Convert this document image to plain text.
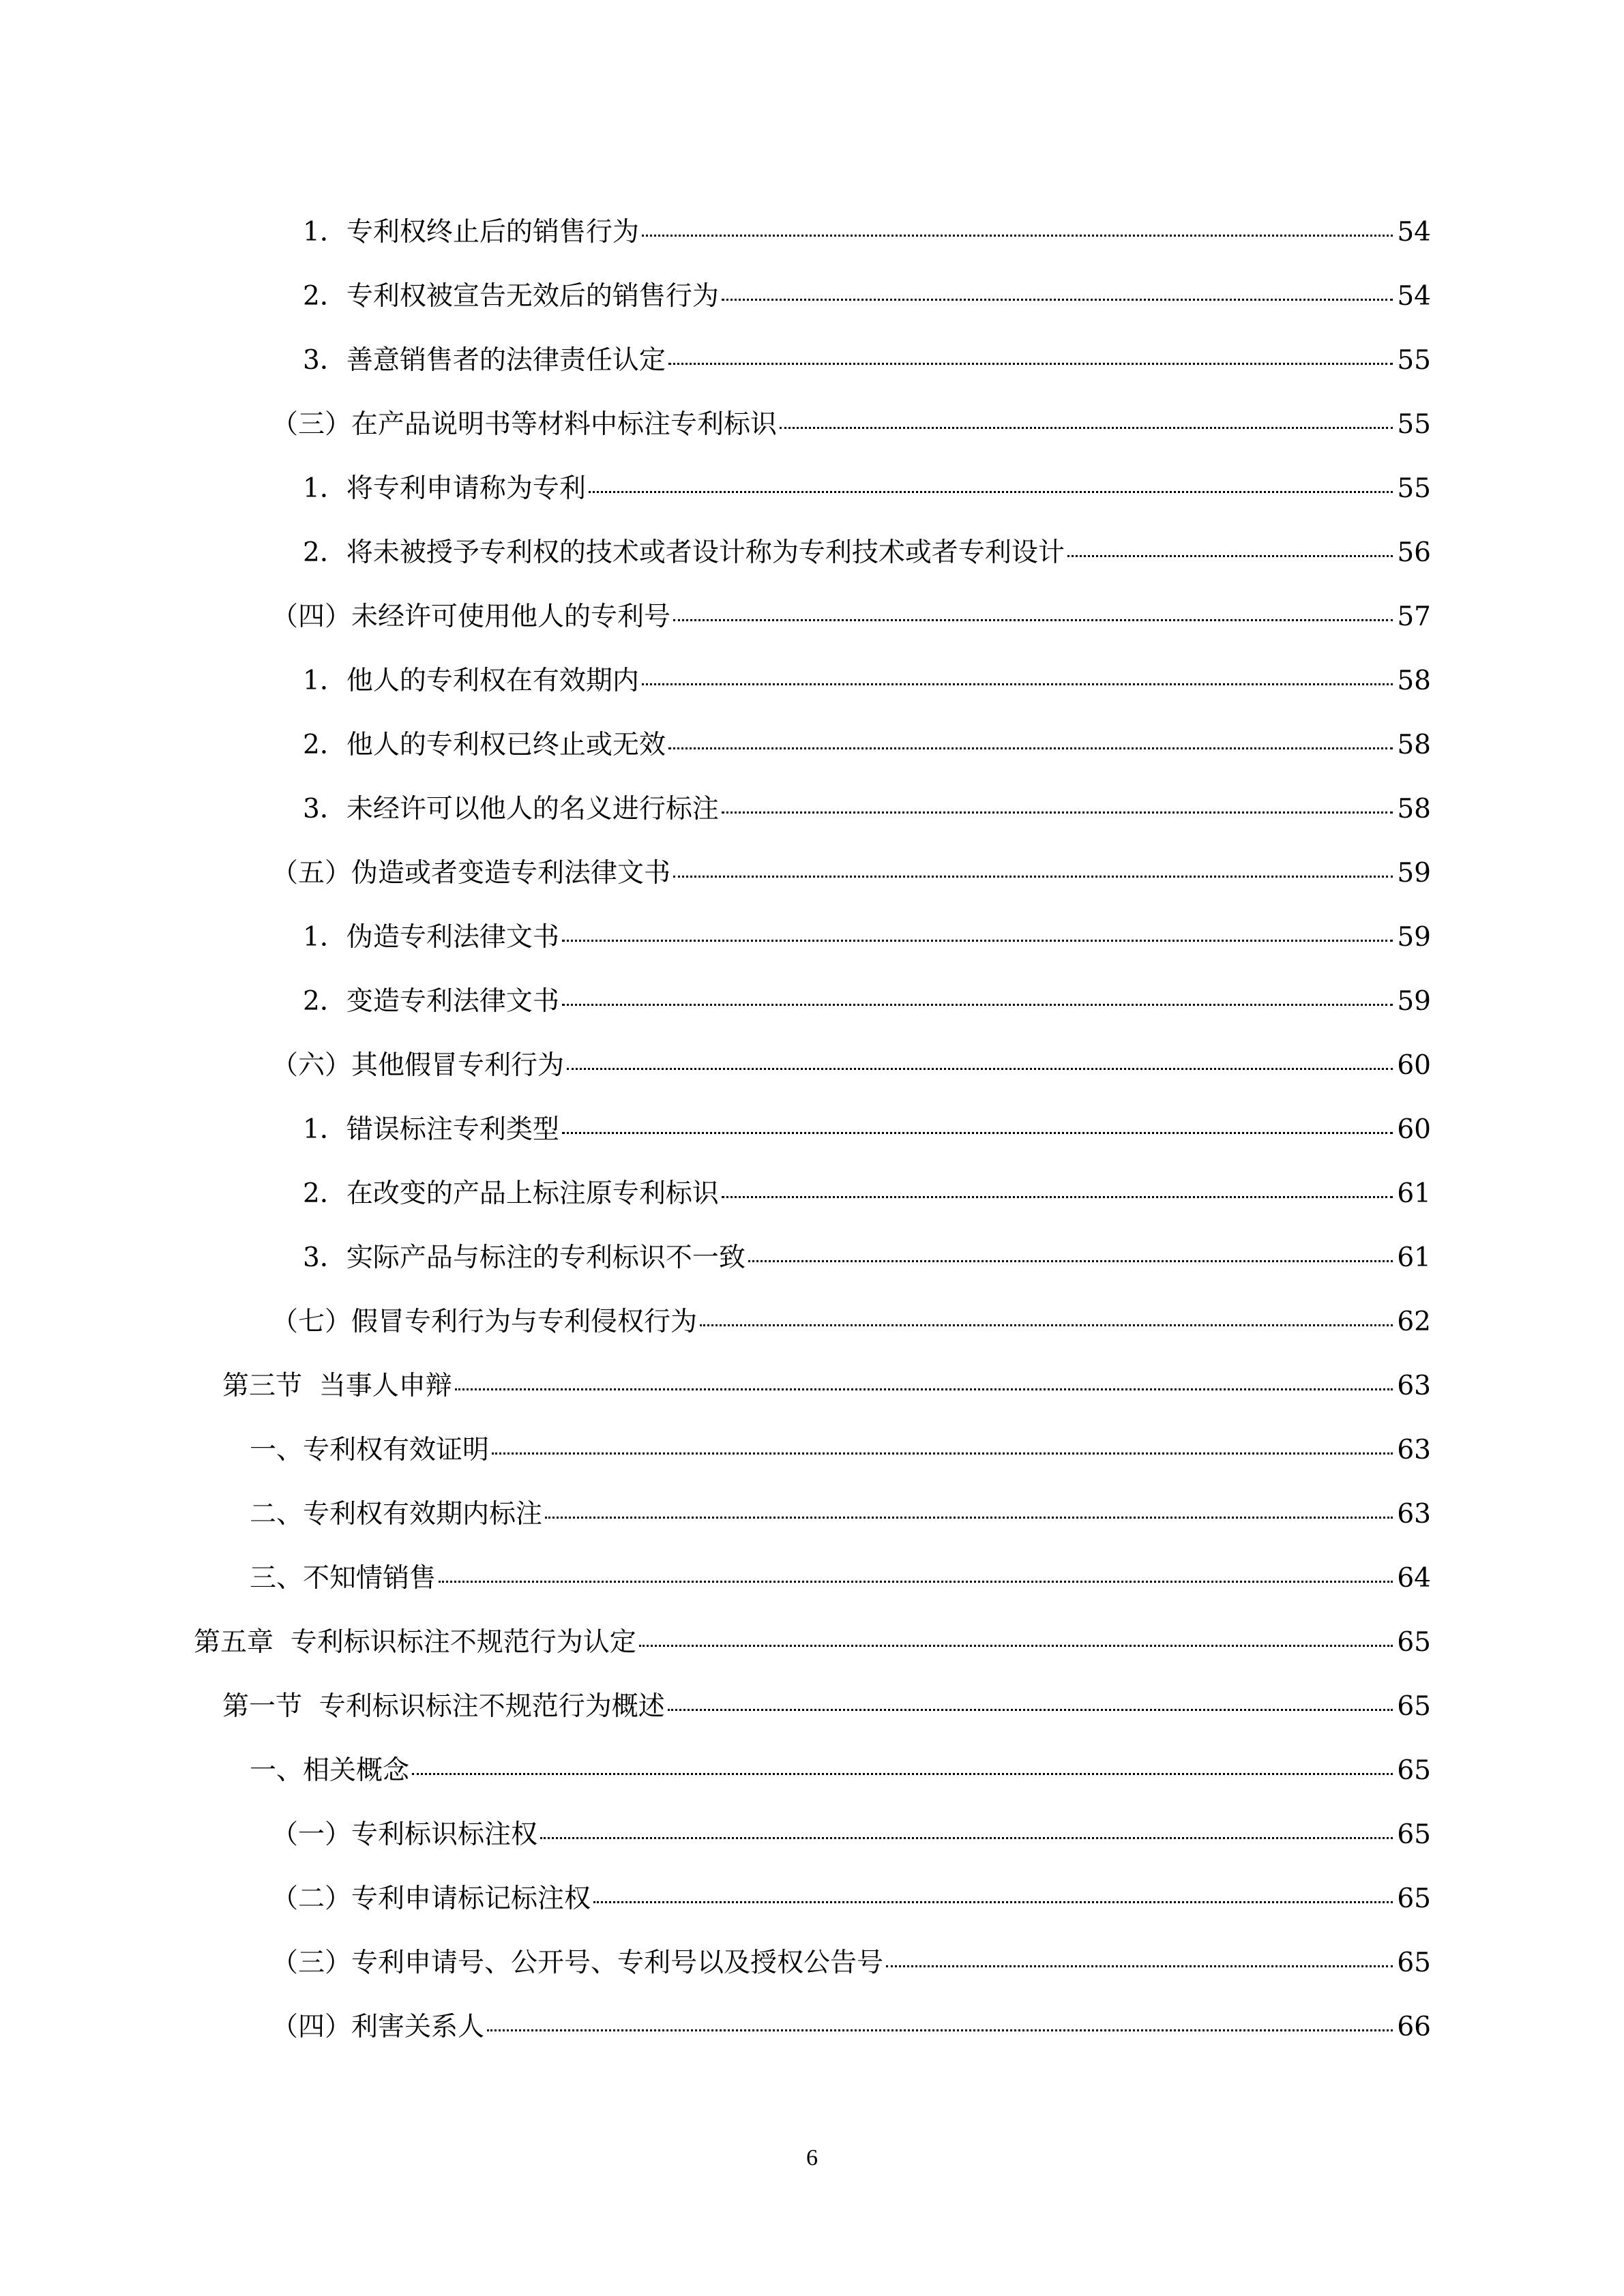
1． 专利权终止后的销售行为	54
2． 专利权被宣告无效后的销售行为	54
3． 善意销售者的法律责任认定	55
（三） 在产品说明书等材料中标注专利标识	55
1． 将专利申请称为专利	55
2． 将未被授予专利权的技术或者设计称为专利技术或者专利设计	56
（四） 未经许可使用他人的专利号	57
1． 他人的专利权在有效期内	58
2． 他人的专利权已终止或无效	58
3． 未经许可以他人的名义进行标注	58
（五） 伪造或者变造专利法律文书	59
1． 伪造专利法律文书	59
2． 变造专利法律文书	59
（六） 其他假冒专利行为	60
1． 错误标注专利类型	60
2． 在改变的产品上标注原专利标识	61
3． 实际产品与标注的专利标识不一致	61
（七） 假冒专利行为与专利侵权行为	62
第三节 当事人申辩	63
一、 专利权有效证明	63
二、 专利权有效期内标注	63
三、 不知情销售	64
第五章 专利标识标注不规范行为认定	65
第一节 专利标识标注不规范行为概述	65
一、 相关概念	65
（一） 专利标识标注权	65
（二） 专利申请标记标注权	65
（三） 专利申请号、公开号、专利号以及授权公告号	65
（四） 利害关系人	66
6
